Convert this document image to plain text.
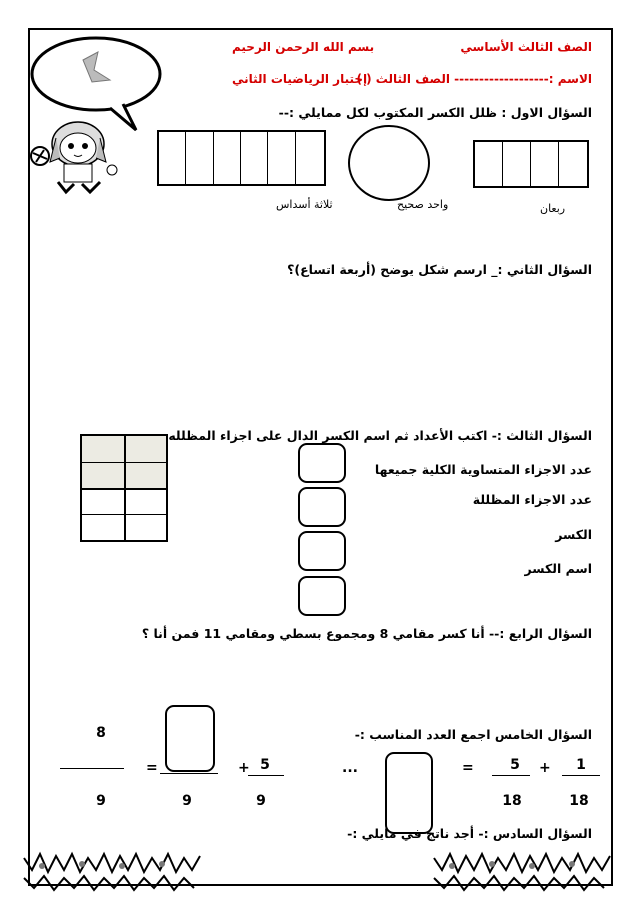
الصف الثالث الأساسي
بسم الله الرحمن الرحيم
الاسم :------------------- الصف الثالث ( )
إختبار الرياضيات الثاني
السؤال الاول : ظلل الكسر المكتوب لكل ممايلي :--
ربعان
واحد صحيح
ثلاثة أسداس
السؤال الثاني :_ ارسم شكل يوضح (أربعة اتساع)؟
السؤال الثالث :- اكتب الأعداد ثم اسم الكسر الدال على اجزاء المظلله
عدد الاجزاء المتساوية الكلية جميعها
عدد الاجزاء المظللة
الكسر
اسم الكسر
السؤال الرابع :-- أنا كسر مقامي 8 ومجموع بسطي ومقامي 11 فمن أنا ؟
السؤال الخامس اجمع العدد المناسب :-
8
9
=
9
+ 5
9
...	=	5
18
+	1
18
السؤال السادس :- أجد ناتج في مايلي :-
